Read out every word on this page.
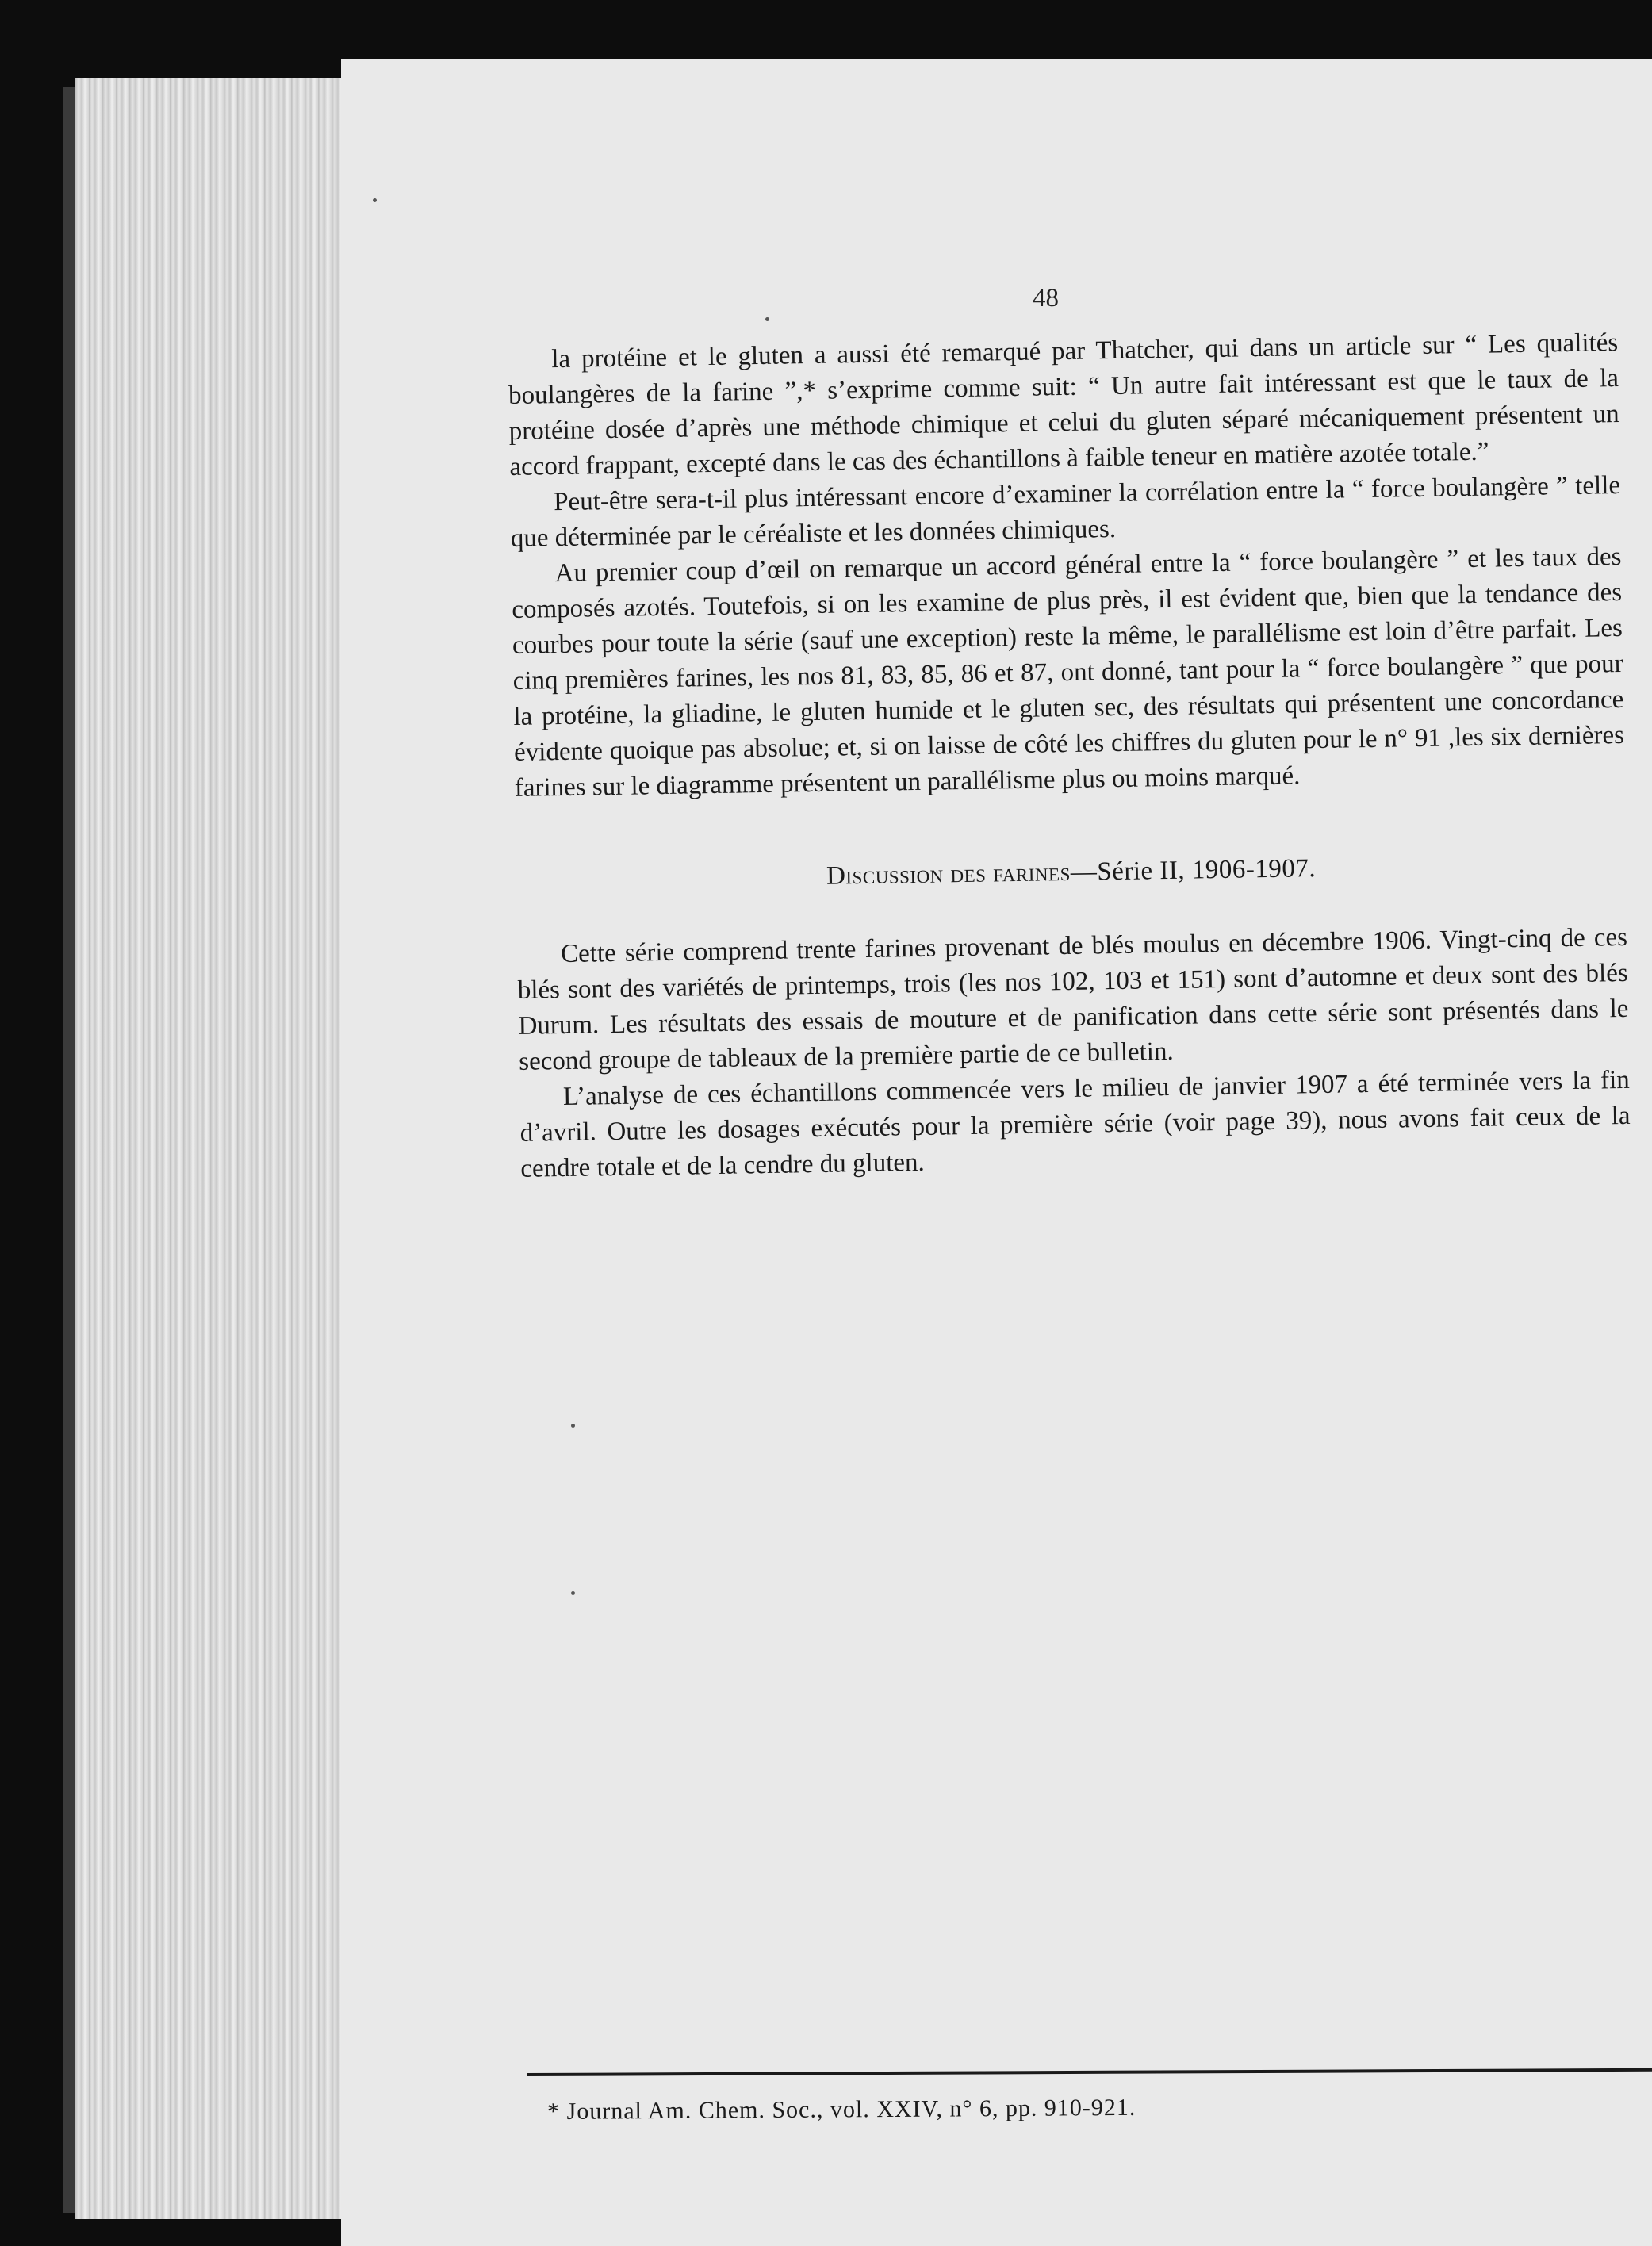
48

la protéine et le gluten a aussi été remarqué par Thatcher, qui dans un article sur “ Les qualités boulangères de la farine ”,* s’exprime comme suit: “ Un autre fait intéressant est que le taux de la protéine dosée d’après une méthode chimique et celui du gluten séparé mécaniquement présentent un accord frappant, excepté dans le cas des échantillons à faible teneur en matière azotée totale.”

Peut-être sera-t-il plus intéressant encore d’examiner la corrélation entre la “ force boulangère ” telle que déterminée par le céréaliste et les données chimiques.

Au premier coup d’œil on remarque un accord général entre la “ force boulangère ” et les taux des composés azotés. Toutefois, si on les examine de plus près, il est évident que, bien que la tendance des courbes pour toute la série (sauf une exception) reste la même, le parallélisme est loin d’être parfait. Les cinq premières farines, les nos 81, 83, 85, 86 et 87, ont donné, tant pour la “ force boulangère ” que pour la protéine, la gliadine, le gluten humide et le gluten sec, des résultats qui présentent une concordance évidente quoique pas absolue; et, si on laisse de côté les chiffres du gluten pour le n° 91 ,les six dernières farines sur le diagramme présentent un parallélisme plus ou moins marqué.

Discussion des farines—Série II, 1906-1907.

Cette série comprend trente farines provenant de blés moulus en décembre 1906. Vingt-cinq de ces blés sont des variétés de printemps, trois (les nos 102, 103 et 151) sont d’automne et deux sont des blés Durum. Les résultats des essais de mouture et de panification dans cette série sont présentés dans le second groupe de tableaux de la première partie de ce bulletin.

L’analyse de ces échantillons commencée vers le milieu de janvier 1907 a été terminée vers la fin d’avril. Outre les dosages exécutés pour la première série (voir page 39), nous avons fait ceux de la cendre totale et de la cendre du gluten.

* Journal Am. Chem. Soc., vol. XXIV, n° 6, pp. 910-921.
